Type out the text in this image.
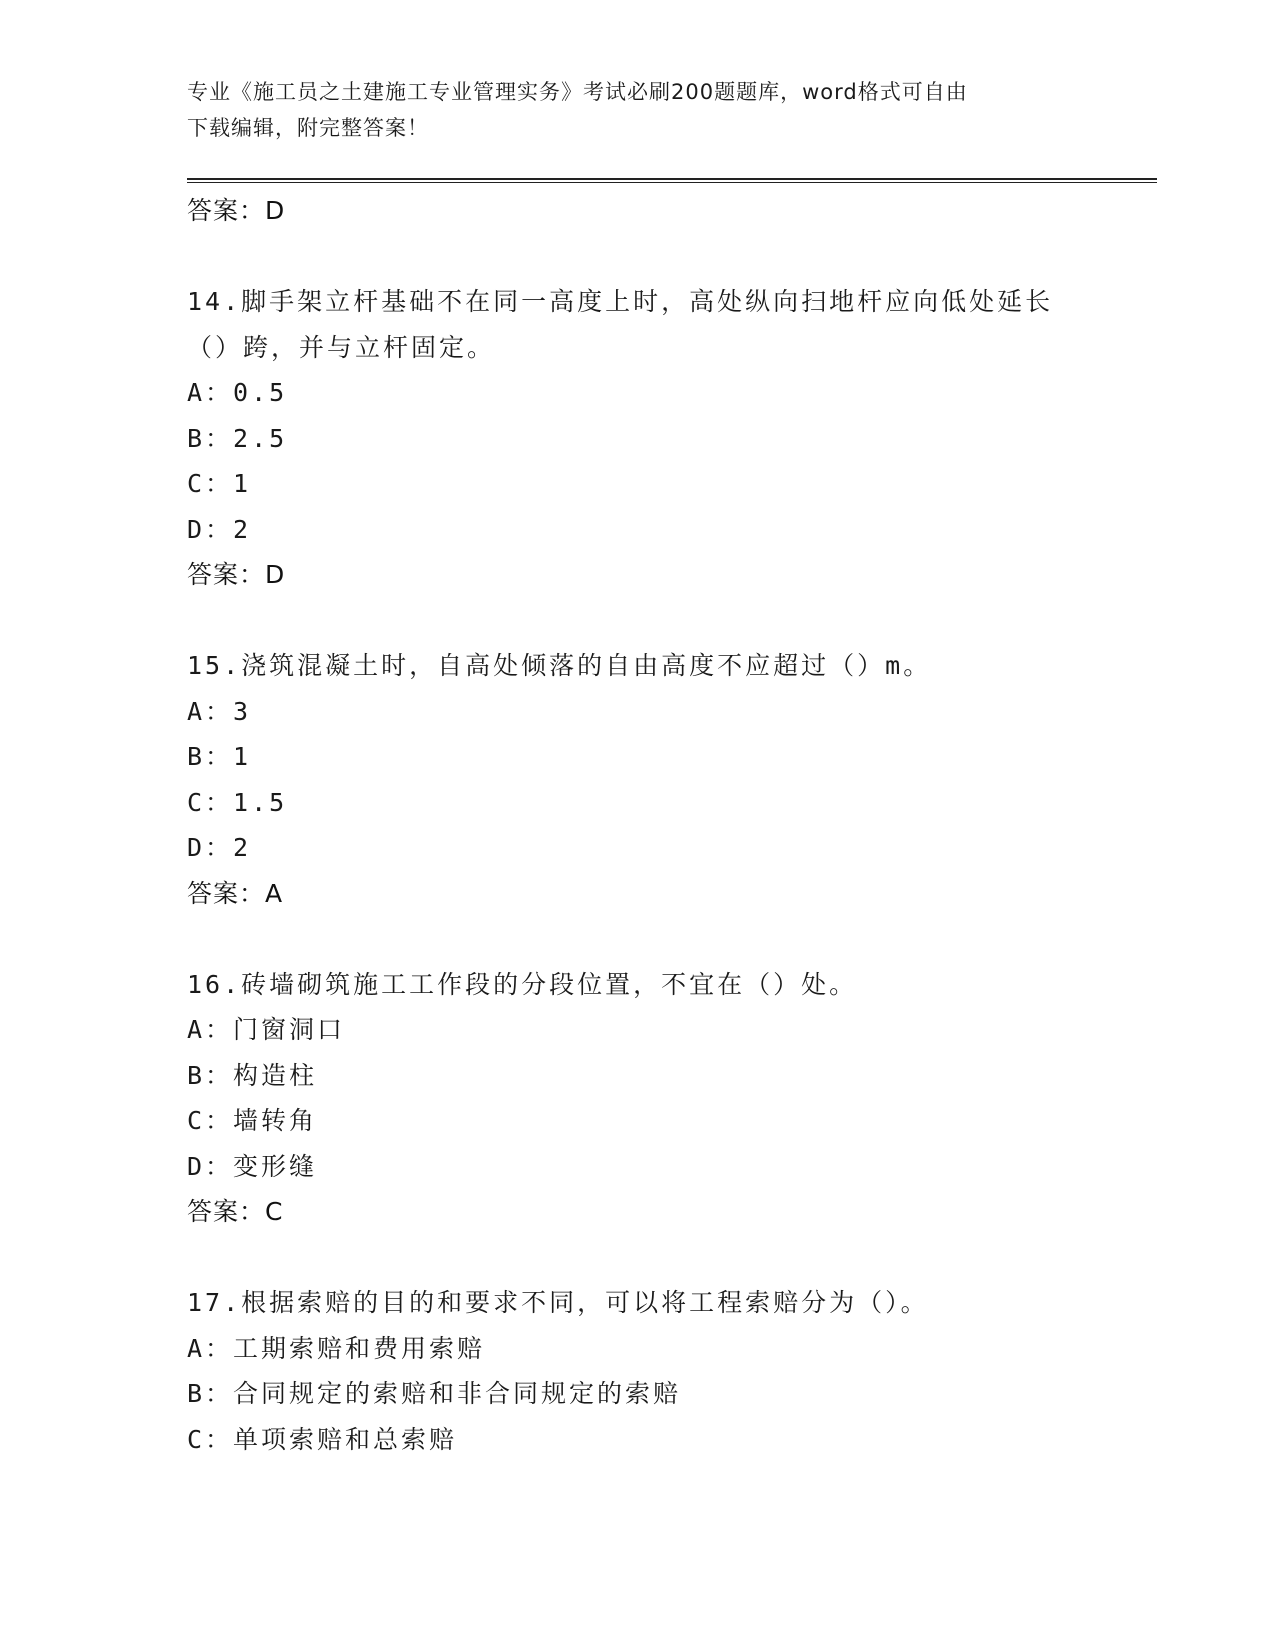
专业《施工员之土建施工专业管理实务》考试必刷200题题库，word格式可自由
下载编辑，附完整答案！
答案：D
14.脚手架立杆基础不在同一高度上时，高处纵向扫地杆应向低处延长
（）跨，并与立杆固定。
A：0.5
B：2.5
C：1
D：2
答案：D
15.浇筑混凝土时，自高处倾落的自由高度不应超过（）m。
A：3
B：1
C：1.5
D：2
答案：A
16.砖墙砌筑施工工作段的分段位置，不宜在（）处。
A：门窗洞口
B：构造柱
C：墙转角
D：变形缝
答案：C
17.根据索赔的目的和要求不同，可以将工程索赔分为（）。
A：工期索赔和费用索赔
B：合同规定的索赔和非合同规定的索赔
C：单项索赔和总索赔
